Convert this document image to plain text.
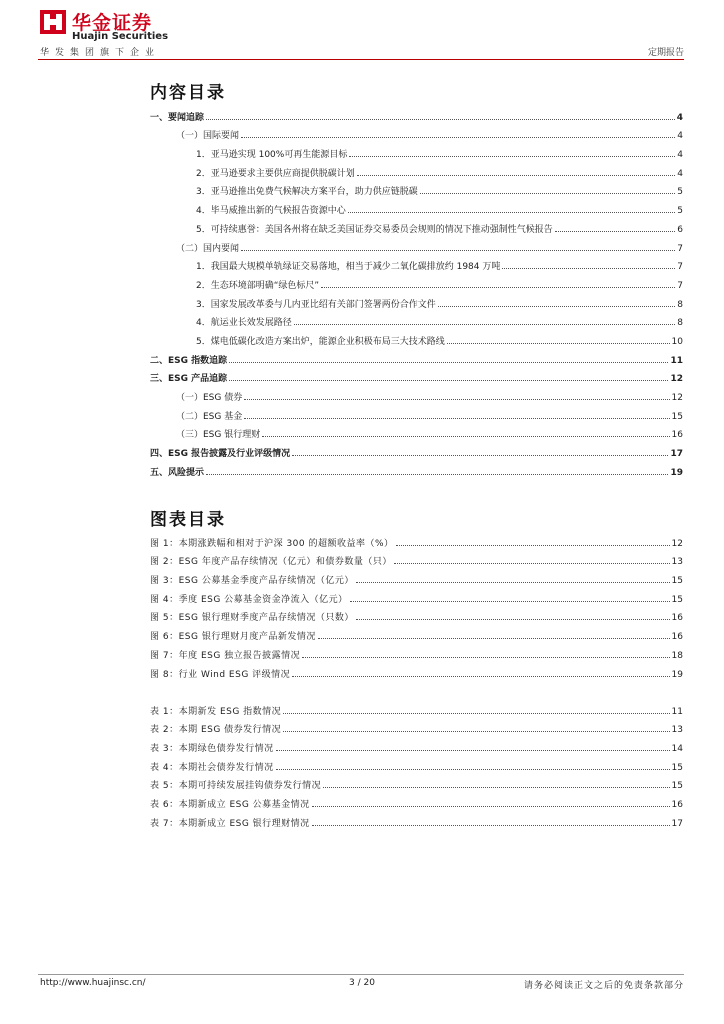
华金证券
Huajin Securities
华发集团旗下企业	定期报告
内容目录
一、要闻追踪	4
（一）国际要闻	4
1．亚马逊实现 100%可再生能源目标	4
2．亚马逊要求主要供应商提供脱碳计划	4
3．亚马逊推出免费气候解决方案平台，助力供应链脱碳	5
4．毕马威推出新的气候报告资源中心	5
5．可持续惠誉：美国各州将在缺乏美国证券交易委员会规则的情况下推动强制性气候报告	6
（二）国内要闻	7
1．我国最大规模单轨绿证交易落地，相当于减少二氧化碳排放约 1984 万吨	7
2．生态环境部明确“绿色标尺”	7
3．国家发展改革委与几内亚比绍有关部门签署两份合作文件	8
4．航运业长效发展路径	8
5．煤电低碳化改造方案出炉，能源企业积极布局三大技术路线	10
二、ESG 指数追踪	11
三、ESG 产品追踪	12
（一）ESG 债券	12
（二）ESG 基金	15
（三）ESG 银行理财	16
四、ESG 报告披露及行业评级情况	17
五、风险提示	19
图表目录
图 1：本期涨跌幅和相对于沪深 300 的超额收益率（%）	12
图 2：ESG 年度产品存续情况（亿元）和债券数量（只）	13
图 3：ESG 公募基金季度产品存续情况（亿元）	15
图 4：季度 ESG 公募基金资金净流入（亿元）	15
图 5：ESG 银行理财季度产品存续情况（只数）	16
图 6：ESG 银行理财月度产品新发情况	16
图 7：年度 ESG 独立报告披露情况	18
图 8：行业 Wind ESG 评级情况	19
表 1：本期新发 ESG 指数情况	11
表 2：本期 ESG 债券发行情况	13
表 3：本期绿色债券发行情况	14
表 4：本期社会债券发行情况	15
表 5：本期可持续发展挂钩债券发行情况	15
表 6：本期新成立 ESG 公募基金情况	16
表 7：本期新成立 ESG 银行理财情况	17
http://www.huajinsc.cn/	3 / 20	请务必阅读正文之后的免责条款部分
